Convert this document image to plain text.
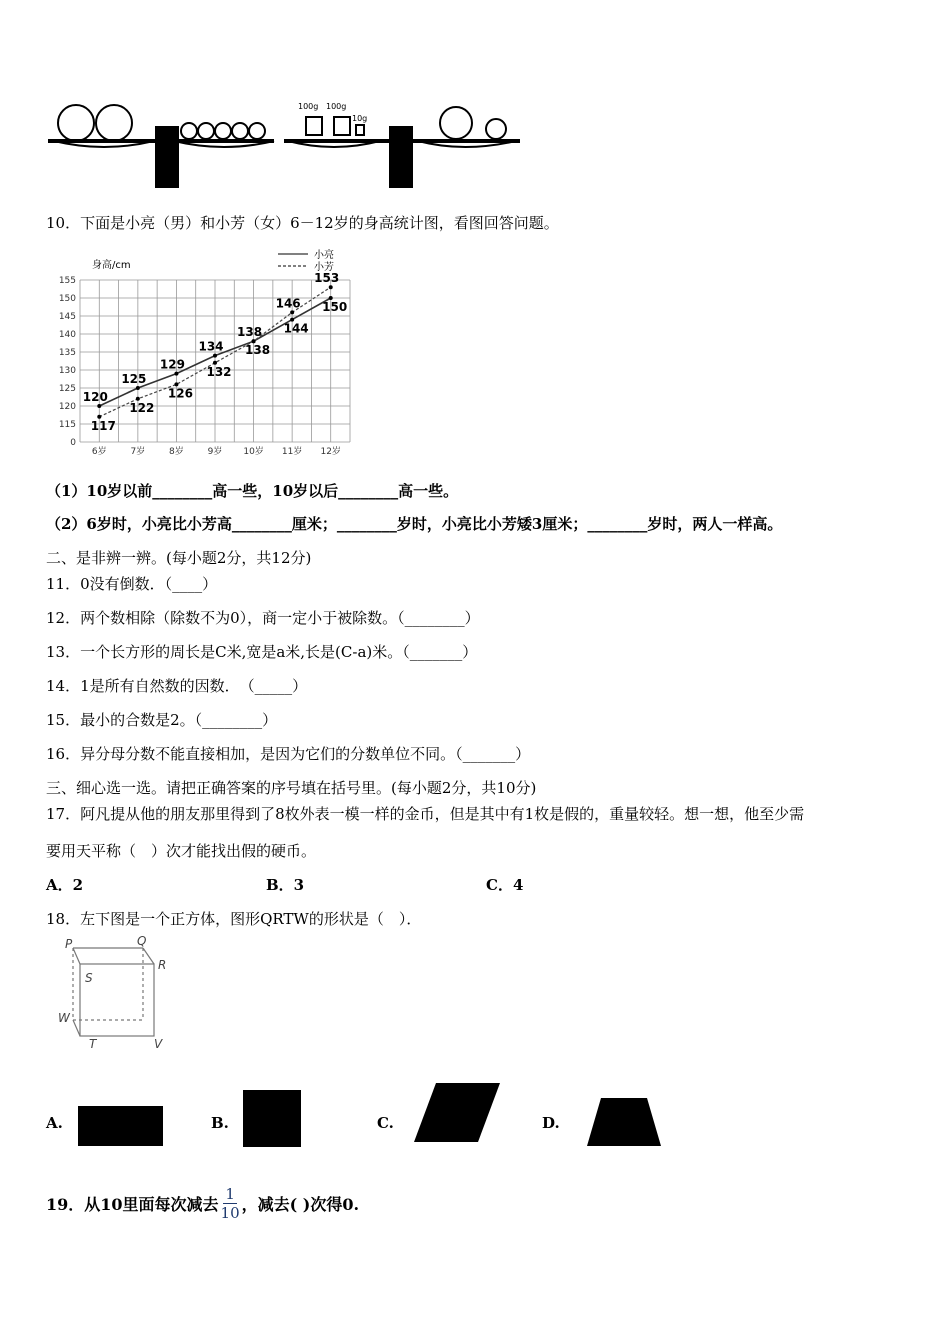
100g 100g
10g
10．下面是小亮（男）和小芳（女）6－12岁的身高统计图，看图回答问题。
身高/cm
155
150
145
140
135
130
125
120
115
0
6岁	7岁	8岁	9岁 10岁 11岁 12岁
小亮
小芳
120
125
129
134
138 144
150
117
122
126
132
138
146
153
（1）10岁以前________高一些，10岁以后________高一些。
（2）6岁时，小亮比小芳高________厘米；________岁时，小亮比小芳矮3厘米；________岁时，两人一样高。
二、是非辨一辨。(每小题2分，共12分)
11．0没有倒数．（____）
12．两个数相除（除数不为0），商一定小于被除数。（________）
13．一个长方形的周长是C米,宽是a米,长是(C-a)米。（_______）
14．1是所有自然数的因数．　（_____）
15．最小的合数是2。（________）
16．异分母分数不能直接相加，是因为它们的分数单位不同。（_______）
三、细心选一选。请把正确答案的序号填在括号里。(每小题2分，共10分)
17．阿凡提从他的朋友那里得到了8枚外表一模一样的金币，但是其中有1枚是假的，重量较轻。想一想，他至少需
要用天平称（　）次才能找出假的硬币。
A．2	B．3	C．4
18．左下图是一个正方体，图形QRTW的形状是（　）．
P	Q
R
S
W
T	V
A.	B.	C.	D.
19．从10里面每次减去 $\frac{1}{10}$ ，减去( )次得0.
